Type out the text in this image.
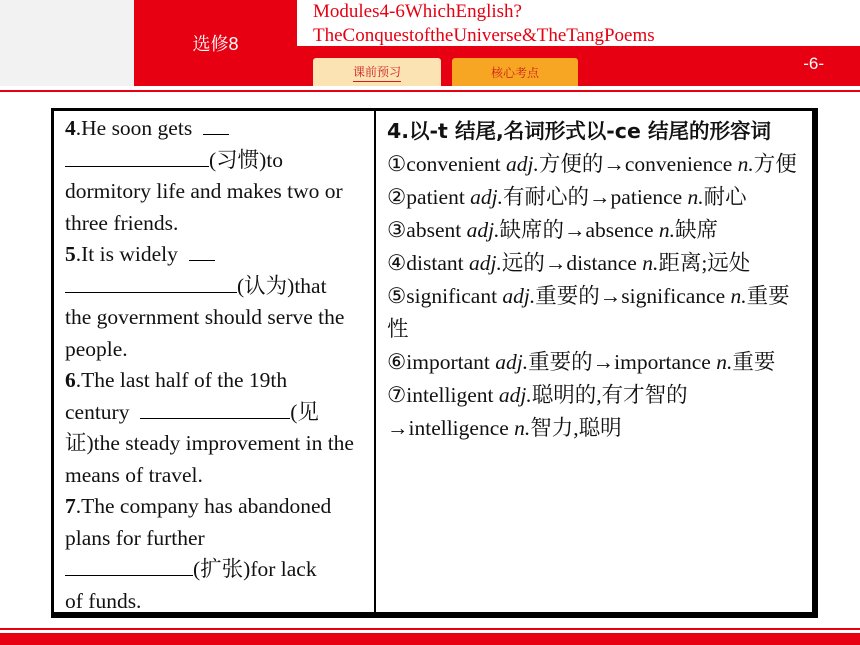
选修8
Modules4-6WhichEnglish?
TheConquestoftheUniverse&TheTangPoems
课前预习	核心考点	-6-

4.He soon gets
(习惯)to
dormitory life and makes two or three friends.

5.It is widely
(认为)that
the government should serve the people.

6.The last half of the 19th century	(见
证)the steady improvement in the means of travel.

7.The company has abandoned plans for further
(扩张)for lack
of funds.

4.以-t 结尾,名词形式以-ce 结尾的形容词

①convenient adj.方便的→convenience n.方便

②patient adj.有耐心的→patience n.耐心

③absent adj.缺席的→absence n.缺席

④distant adj.远的→distance n.距离;远处

⑤significant adj.重要的→significance n.重要性

⑥important adj.重要的→importance n.重要

⑦intelligent adj.聪明的,有才智的→intelligence n.智力,聪明
